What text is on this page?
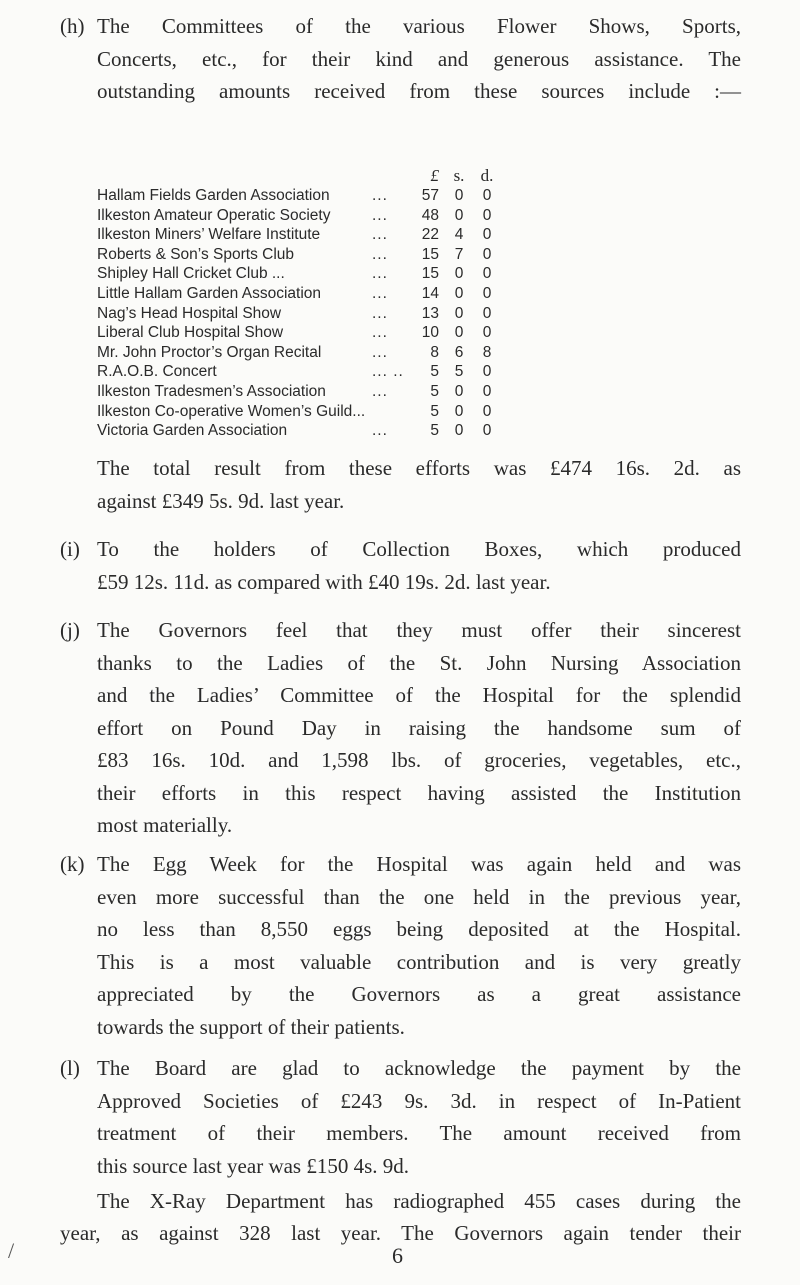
(h) The Committees of the various Flower Shows, Sports,
Concerts, etc., for their kind and generous assistance. The
outstanding amounts received from these sources include :—
£ s. d.
Hallam Fields Garden Association	...	57 0 0
Ilkeston Amateur Operatic Society	...	48 0 0
Ilkeston Miners’ Welfare Institute	...	22 4 0
Roberts & Son’s Sports Club	...	15 7 0
Shipley Hall Cricket Club ...	...	15 0 0
Little Hallam Garden Association	...	14 0 0
Nag’s Head Hospital Show	...	13 0 0
Liberal Club Hospital Show	...	10 0 0
Mr. John Proctor’s Organ Recital	...	8 6 8
R.A.O.B. Concert	... ..	5 5 0
Ilkeston Tradesmen’s Association	...	5 0 0
Ilkeston Co-operative Women’s Guild...	5 0 0
Victoria Garden Association	...	5 0 0
The total result from these efforts was £474 16s. 2d. as
against £349 5s. 9d. last year.
(i) To the holders of Collection Boxes, which produced
£59 12s. 11d. as compared with £40 19s. 2d. last year.
(j) The Governors feel that they must offer their sincerest
thanks to the Ladies of the St. John Nursing Association
and the Ladies’ Committee of the Hospital for the splendid
effort on Pound Day in raising the handsome sum of
£83 16s. 10d. and 1,598 lbs. of groceries, vegetables, etc.,
their efforts in this respect having assisted the Institution
most materially.
(k) The Egg Week for the Hospital was again held and was
even more successful than the one held in the previous year,
no less than 8,550 eggs being deposited at the Hospital.
This is a most valuable contribution and is very greatly
appreciated by the Governors as a great assistance
towards the support of their patients.
(l) The Board are glad to acknowledge the payment by the
Approved Societies of £243 9s. 3d. in respect of In-Patient
treatment of their members. The amount received from
this source last year was £150 4s. 9d.
The X-Ray Department has radiographed 455 cases during the
year, as against 328 last year. The Governors again tender their
6
/
